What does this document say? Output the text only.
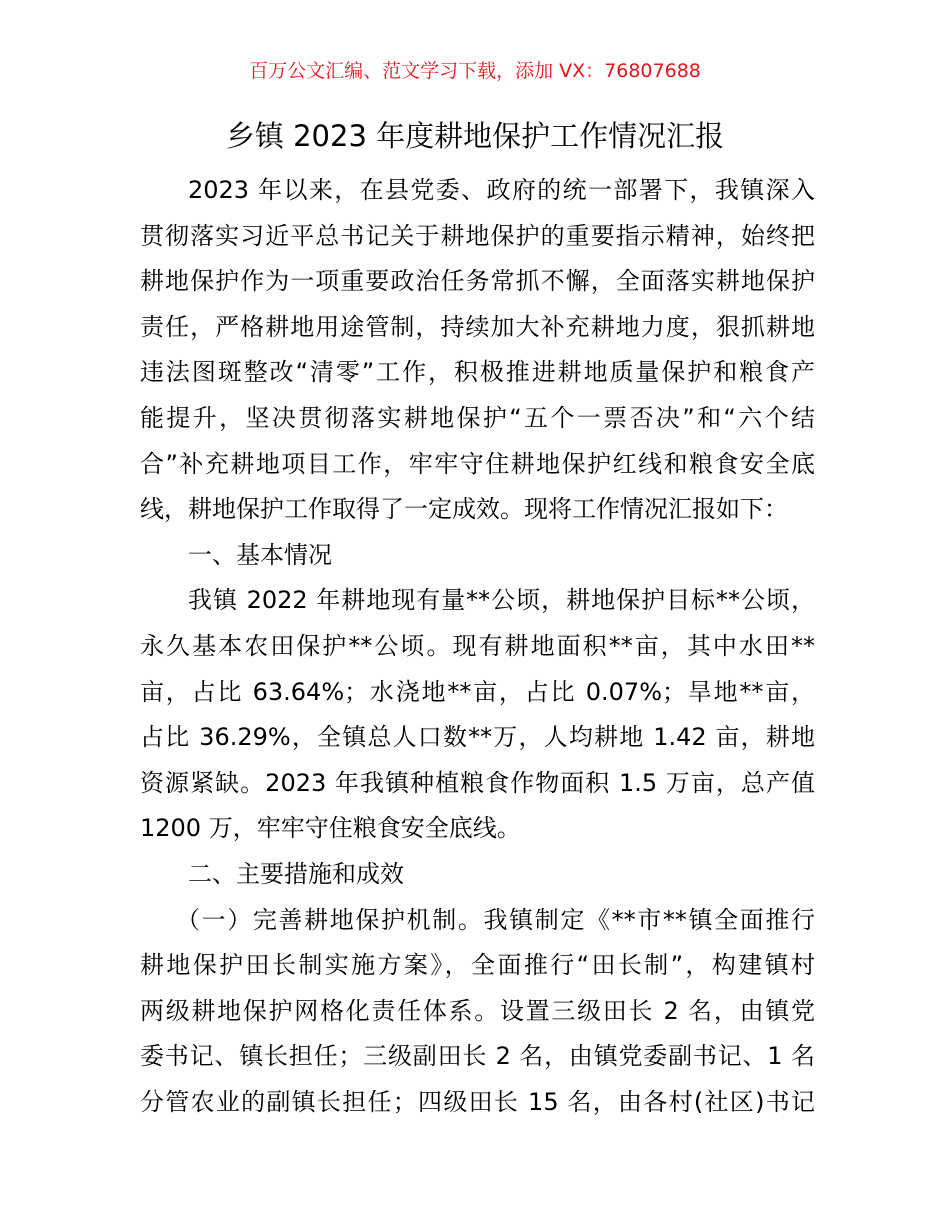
百万公文汇编、范文学习下载，添加 VX：76807688
乡镇 2023 年度耕地保护工作情况汇报
2023 年以来，在县党委、政府的统一部署下，我镇深入
贯彻落实习近平总书记关于耕地保护的重要指示精神，始终把
耕地保护作为一项重要政治任务常抓不懈，全面落实耕地保护
责任，严格耕地用途管制，持续加大补充耕地力度，狠抓耕地
违法图斑整改“清零”工作，积极推进耕地质量保护和粮食产
能提升，坚决贯彻落实耕地保护“五个一票否决”和“六个结
合”补充耕地项目工作，牢牢守住耕地保护红线和粮食安全底
线，耕地保护工作取得了一定成效。现将工作情况汇报如下：
一、基本情况
我镇 2022 年耕地现有量**公顷，耕地保护目标**公顷，
永久基本农田保护**公顷。现有耕地面积**亩，其中水田**
亩，占比 63.64%；水浇地**亩，占比 0.07%；旱地**亩，
占比 36.29%，全镇总人口数**万，人均耕地 1.42 亩，耕地
资源紧缺。2023 年我镇种植粮食作物面积 1.5 万亩，总产值
1200 万，牢牢守住粮食安全底线。
二、主要措施和成效
（一）完善耕地保护机制。我镇制定《**市**镇全面推行
耕地保护田长制实施方案》，全面推行“田长制”，构建镇村
两级耕地保护网格化责任体系。设置三级田长 2 名，由镇党
委书记、镇长担任；三级副田长 2 名，由镇党委副书记、1 名
分管农业的副镇长担任；四级田长 15 名，由各村(社区)书记
